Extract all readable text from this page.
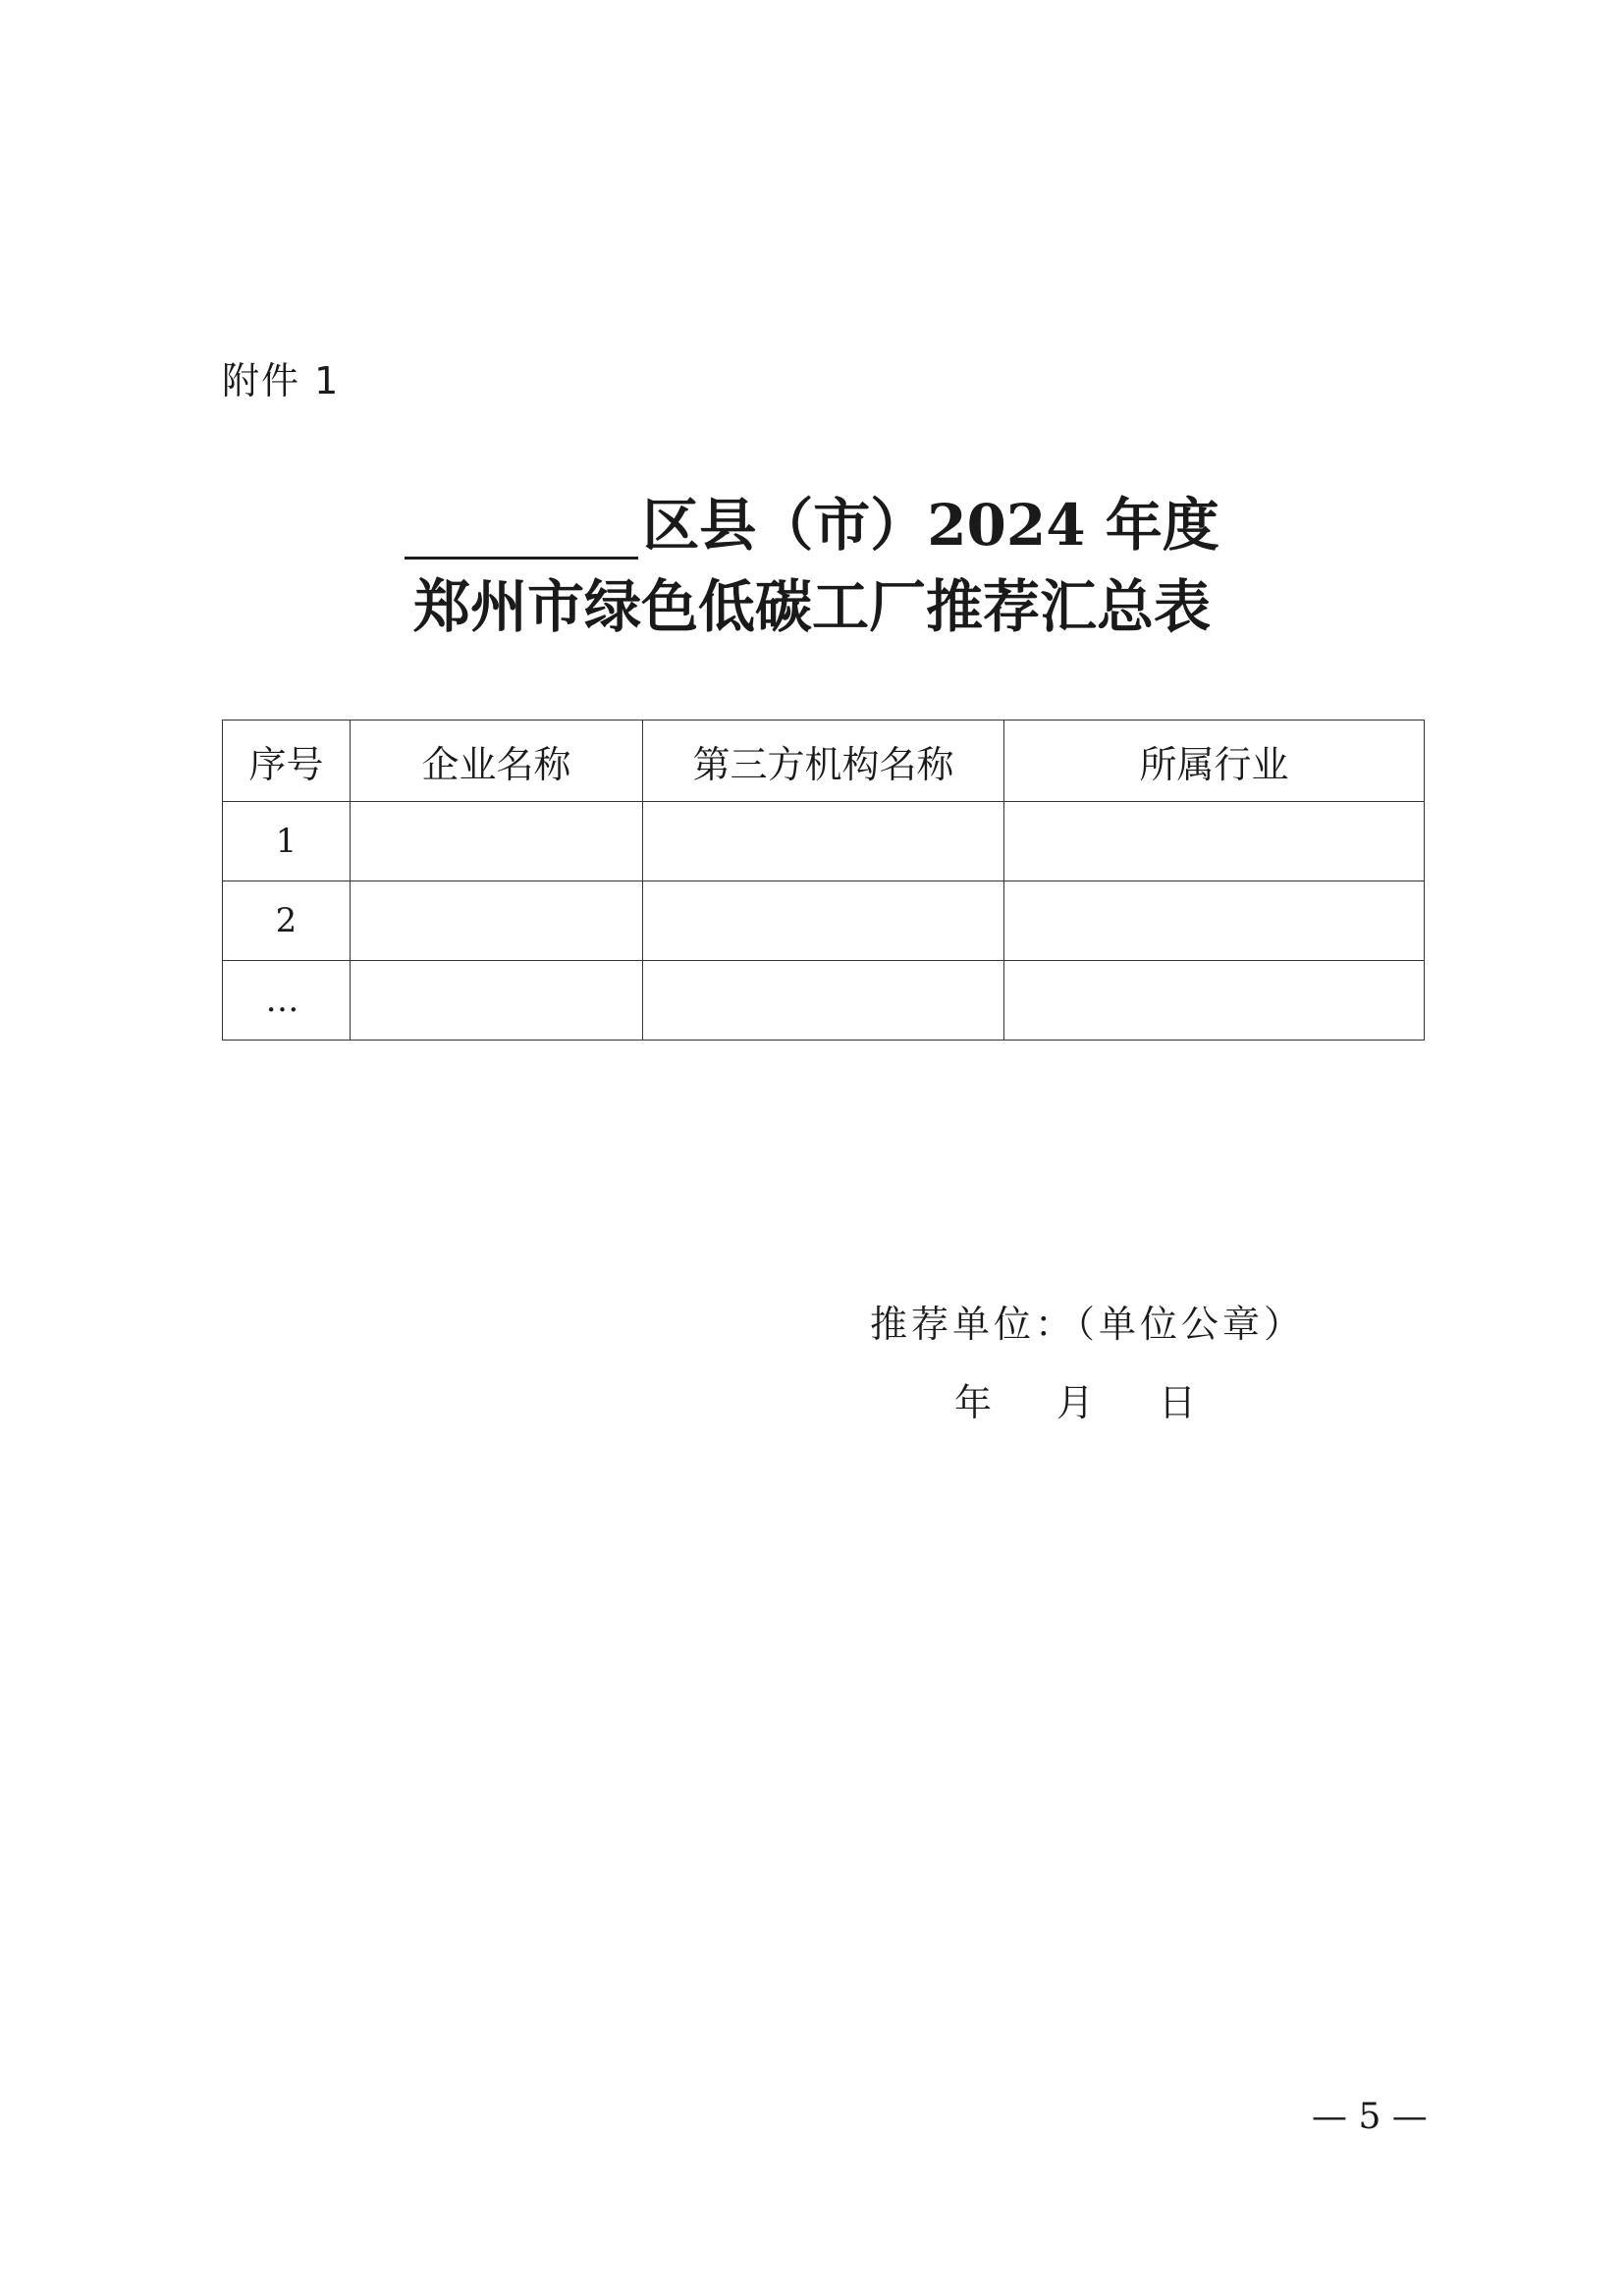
附件 1
区县（市）2024 年度
郑州市绿色低碳工厂推荐汇总表
序号	企业名称	第三方机构名称	所属行业
1			
2			
…			
推荐单位：（单位公章）
年 月 日
— 5 —
